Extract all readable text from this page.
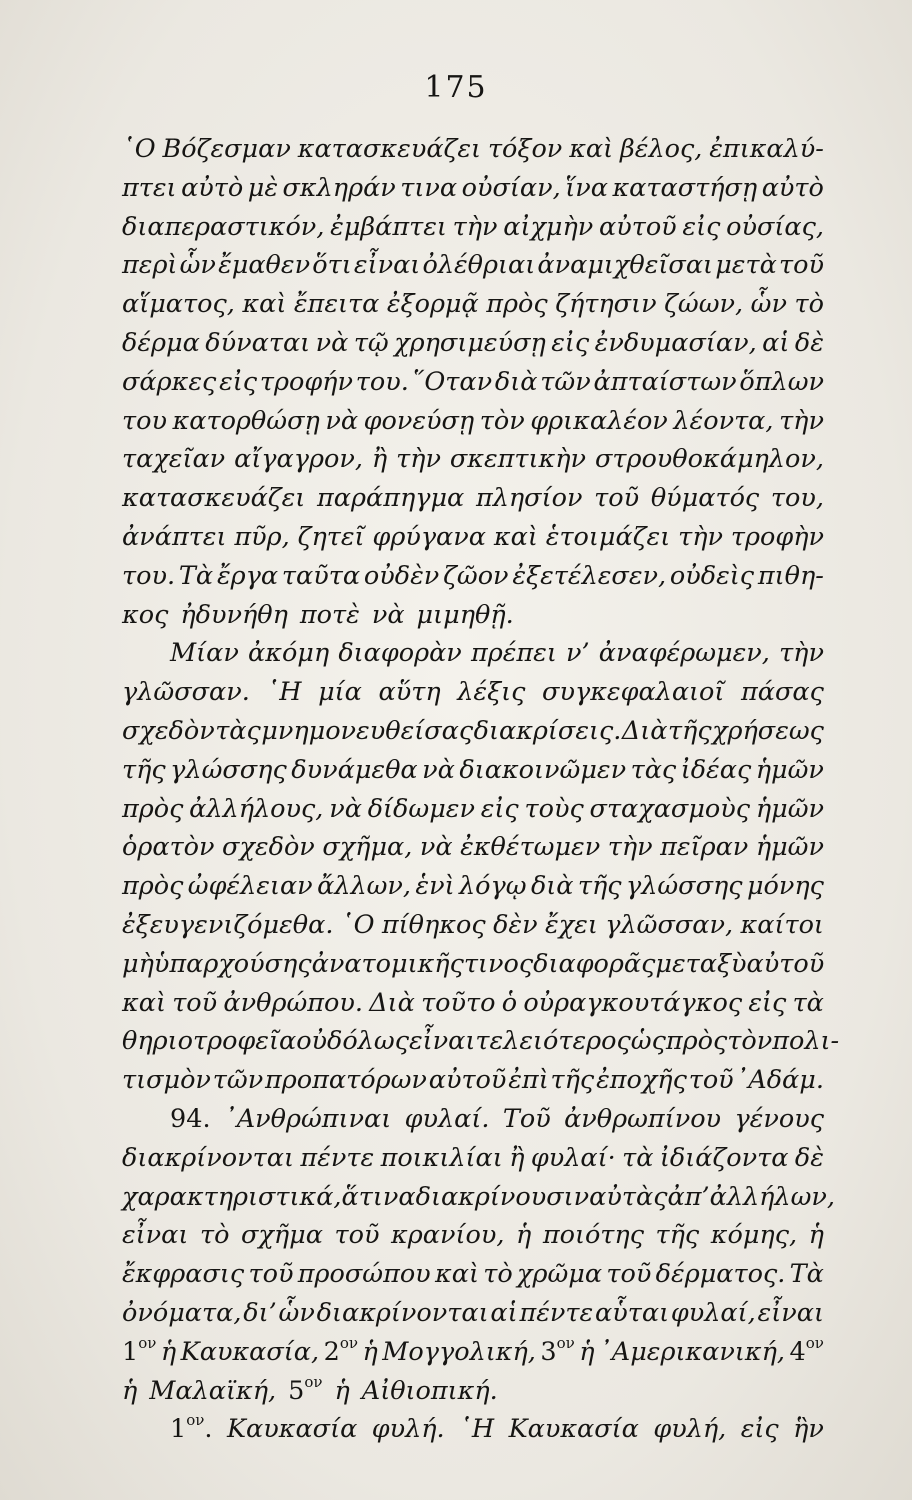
175
῾Ο Βόζεσμαν κατασκευάζει τόξον καὶ βέλος, ἐπικαλύ-
πτει αὐτὸ μὲ σκληράν τινα οὐσίαν, ἵνα καταστήσῃ αὐτὸ
διαπεραστικόν, ἐμβάπτει τὴν αἰχμὴν αὐτοῦ εἰς οὐσίας,
περὶ ὧν ἔμαθεν ὅτι εἶναι ὀλέθριαι ἀναμιχθεῖσαι μετὰ τοῦ
αἵματος, καὶ ἔπειτα ἐξορμᾷ πρὸς ζήτησιν ζώων, ὧν τὸ
δέρμα δύναται νὰ τῷ χρησιμεύσῃ εἰς ἐνδυμασίαν, αἱ δὲ
σάρκες εἰς τροφήν του. ῞Οταν διὰ τῶν ἀπταίστων ὅπλων
του κατορθώσῃ νὰ φονεύσῃ τὸν φρικαλέον λέοντα, τὴν
ταχεῖαν αἴγαγρον, ἢ τὴν σκεπτικὴν στρουθοκάμηλον,
κατασκευάζει παράπηγμα πλησίον τοῦ θύματός του,
ἀνάπτει πῦρ, ζητεῖ φρύγανα καὶ ἑτοιμάζει τὴν τροφὴν
του. Τὰ ἔργα ταῦτα οὐδὲν ζῶον ἐξετέλεσεν, οὐδεὶς πιθη-
κος ἠδυνήθη ποτὲ νὰ μιμηθῇ.
Μίαν ἀκόμη διαφορὰν πρέπει ν’ ἀναφέρωμεν, τὴν
γλῶσσαν. ῾Η μία αὕτη λέξις συγκεφαλαιοῖ πάσας
σχεδὸν τὰς μνημονευθείσας διακρίσεις. Διὰ τῆς χρήσεως
τῆς γλώσσης δυνάμεθα νὰ διακοινῶμεν τὰς ἰδέας ἡμῶν
πρὸς ἀλλήλους, νὰ δίδωμεν εἰς τοὺς σταχασμοὺς ἡμῶν
ὁρατὸν σχεδὸν σχῆμα, νὰ ἐκθέτωμεν τὴν πεῖραν ἡμῶν
πρὸς ὠφέλειαν ἄλλων, ἑνὶ λόγῳ διὰ τῆς γλώσσης μόνης
ἐξευγενιζόμεθα. ῾Ο πίθηκος δὲν ἔχει γλῶσσαν, καίτοι
μὴ ὑπαρχούσης ἀνατομικῆς τινος διαφορᾶς μεταξὺ αὐτοῦ
καὶ τοῦ ἀνθρώπου. Διὰ τοῦτο ὁ οὐραγκουτάγκος εἰς τὰ
θηριοτροφεῖα οὐδόλως εἶναι τελειότερος ὡς πρὸς τὸν πολι-
τισμὸν τῶν προπατόρων αὐτοῦ ἐπὶ τῆς ἐποχῆς τοῦ ᾿Αδάμ.
94. ᾿Ανθρώπιναι φυλαί. Τοῦ ἀνθρωπίνου γένους
διακρίνονται πέντε ποικιλίαι ἢ φυλαί· τὰ ἰδιάζοντα δὲ
χαρακτηριστικά, ἅτινα διακρίνουσιν αὐτὰς ἀπ’ ἀλλήλων,
εἶναι τὸ σχῆμα τοῦ κρανίου, ἡ ποιότης τῆς κόμης, ἡ
ἔκφρασις τοῦ προσώπου καὶ τὸ χρῶμα τοῦ δέρματος. Τὰ
ὀνόματα, δι’ ὧν διακρίνονται αἱ πέντε αὗται φυλαί, εἶναι
$1^{o\nu}$ ἡ Καυκασία, $2^{o\nu}$ ἡ Μογγολική, $3^{o\nu}$ ἡ ᾿Αμερικανική, $4^{o\nu}$
ἡ Μαλαϊκή, $5^{o\nu}$ ἡ Αἰθιοπική.
$1^{o\nu}$. Καυκασία φυλή. ῾Η Καυκασία φυλή, εἰς ἣν
